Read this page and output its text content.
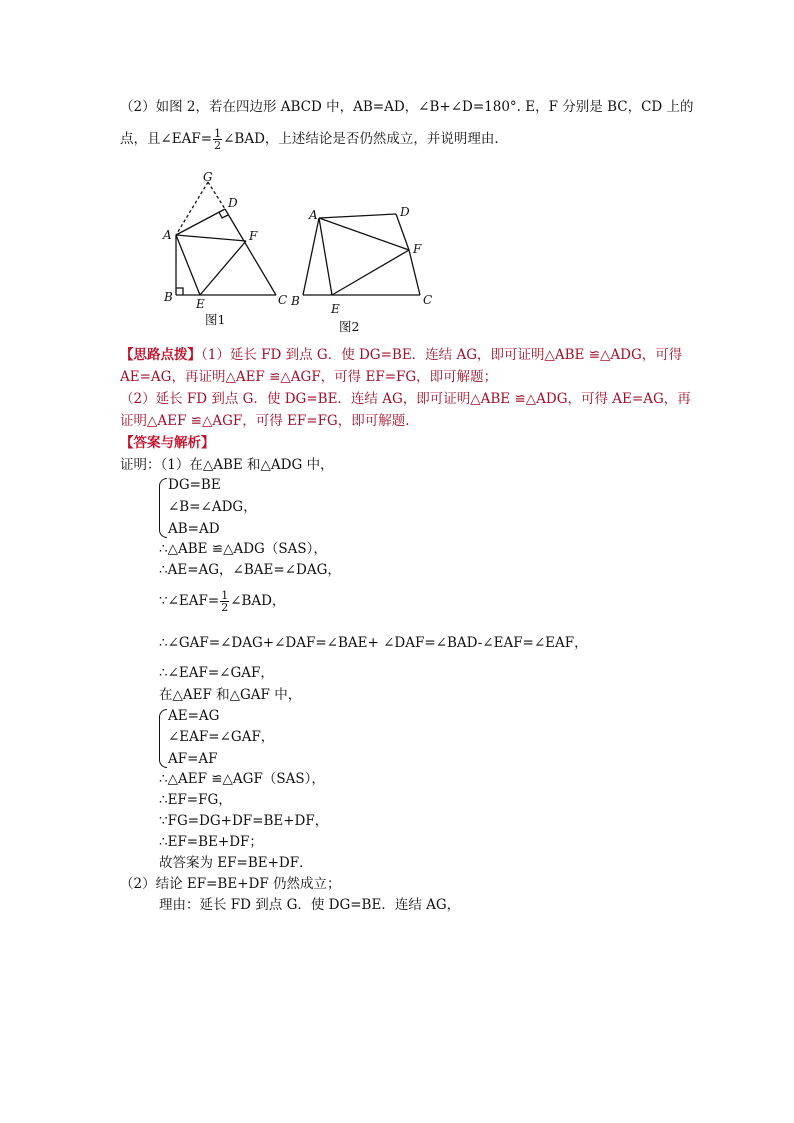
（2）如图 2，若在四边形 ABCD 中，AB=AD，∠B+∠D=180°. E，F 分别是 BC，CD 上的
点，且∠EAF= $\frac{1}{2}$ ∠BAD，上述结论是否仍然成立，并说明理由.
G
D
A	F
B E	C
图1
A	D
F
B
E
C
图2
【思路点拨】（1）延长 FD 到点 G．使 DG=BE．连结 AG，即可证明△ABE ≌△ADG，可得
AE=AG，再证明△AEF ≌△AGF，可得 EF=FG，即可解题；
（2）延长 FD 到点 G．使 DG=BE．连结 AG，即可证明△ABE ≌△ADG，可得 AE=AG，再
证明△AEF ≌△AGF，可得 EF=FG，即可解题.
【答案与解析】
证明：（1）在△ABE 和△ADG 中，
DG=BE
∠B=∠ADG，
AB=AD
∴△ABE ≌△ADG（SAS），
∴AE=AG，∠BAE=∠DAG，
∵∠EAF= $\frac{1}{2}$ ∠BAD，
∴∠GAF=∠DAG+∠DAF=∠BAE+ ∠DAF=∠BAD-∠EAF=∠EAF，
∴∠EAF=∠GAF，
在△AEF 和△GAF 中，
AE=AG
∠EAF=∠GAF，
AF=AF
∴△AEF ≌△AGF（SAS），
∴EF=FG，
∵FG=DG+DF=BE+DF，
∴EF=BE+DF；
故答案为 EF=BE+DF．
（2）结论 EF=BE+DF 仍然成立；
理由：延长 FD 到点 G．使 DG=BE．连结 AG，
